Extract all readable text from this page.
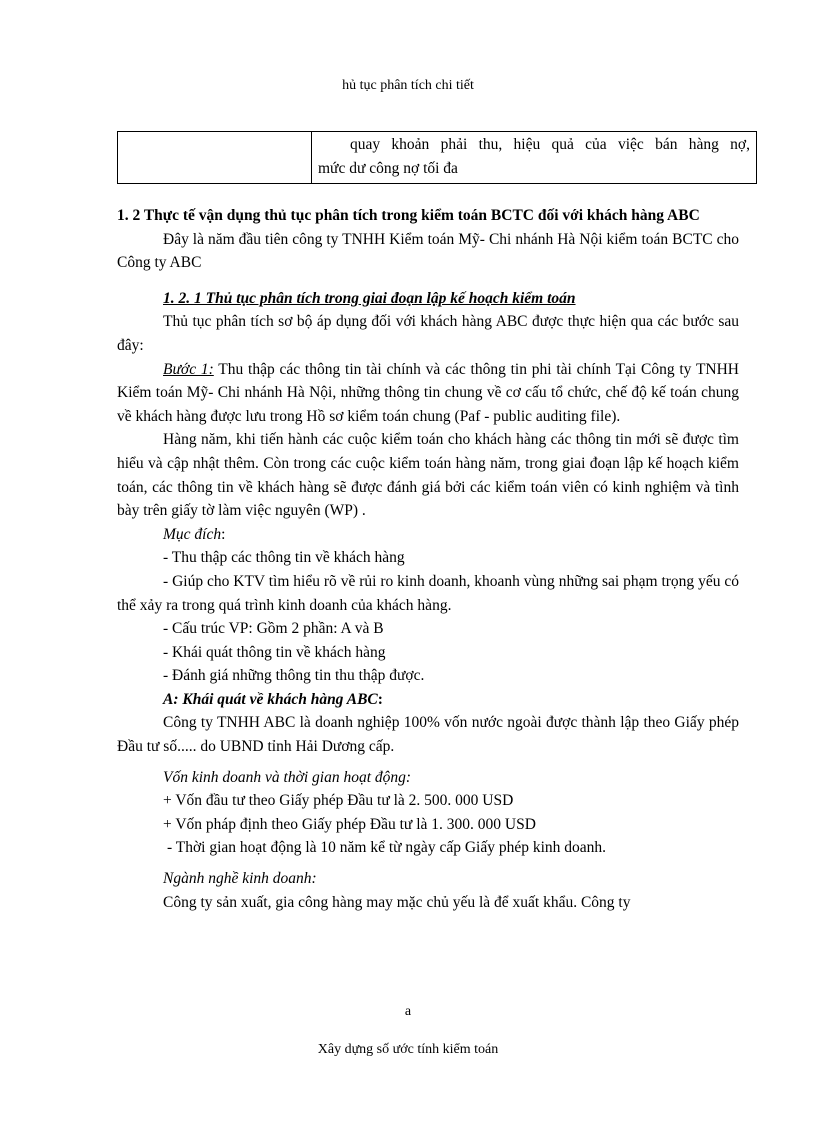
hủ tục phân tích chi tiết

quay khoản phải thu, hiệu quả của việc bán hàng nợ,
mức dư công nợ tối đa

1. 2 Thực tế vận dụng thủ tục phân tích trong kiểm toán BCTC đối với khách hàng ABC

Đây là năm đầu tiên công ty TNHH Kiểm toán Mỹ- Chi nhánh Hà Nội kiểm toán BCTC cho Công ty ABC

1. 2. 1 Thủ tục phân tích trong giai đoạn lập kế hoạch kiểm toán

Thủ tục phân tích sơ bộ áp dụng đối với khách hàng ABC được thực hiện qua các bước sau đây:

Bước 1: Thu thập các thông tin tài chính và các thông tin phi tài chính Tại Công ty TNHH Kiểm toán Mỹ- Chi nhánh Hà Nội, những thông tin chung về cơ cấu tổ chức, chế độ kế toán chung về khách hàng được lưu trong Hồ sơ kiểm toán chung (Paf - public auditing file).

Hàng năm, khi tiến hành các cuộc kiểm toán cho khách hàng các thông tin mới sẽ được tìm hiểu và cập nhật thêm. Còn trong các cuộc kiểm toán hàng năm, trong giai đoạn lập kế hoạch kiểm toán, các thông tin về khách hàng sẽ được đánh giá bởi các kiểm toán viên có kinh nghiệm và tình bày trên giấy tờ làm việc nguyên (WP) .

Mục đích:

- Thu thập các thông tin về khách hàng

- Giúp cho KTV tìm hiểu rõ về rủi ro kinh doanh, khoanh vùng những sai phạm trọng yếu có thể xảy ra trong quá trình kinh doanh của khách hàng.

- Cấu trúc VP: Gồm 2 phần: A và B

- Khái quát thông tin về khách hàng

- Đánh giá những thông tin thu thập được.

A: Khái quát về khách hàng ABC:

Công ty TNHH ABC là doanh nghiệp 100% vốn nước ngoài được thành lập theo Giấy phép Đầu tư số..... do UBND tỉnh Hải Dương cấp.

Vốn kinh doanh và thời gian hoạt động:

+ Vốn đầu tư theo Giấy phép Đầu tư là 2. 500. 000 USD

+ Vốn pháp định theo Giấy phép Đầu tư là 1. 300. 000 USD

- Thời gian hoạt động là 10 năm kể từ ngày cấp Giấy phép kinh doanh.

Ngành nghề kinh doanh:

Công ty sản xuất, gia công hàng may mặc chủ yếu là để xuất khẩu. Công ty

a
Xây dựng số ước tính kiểm toán
